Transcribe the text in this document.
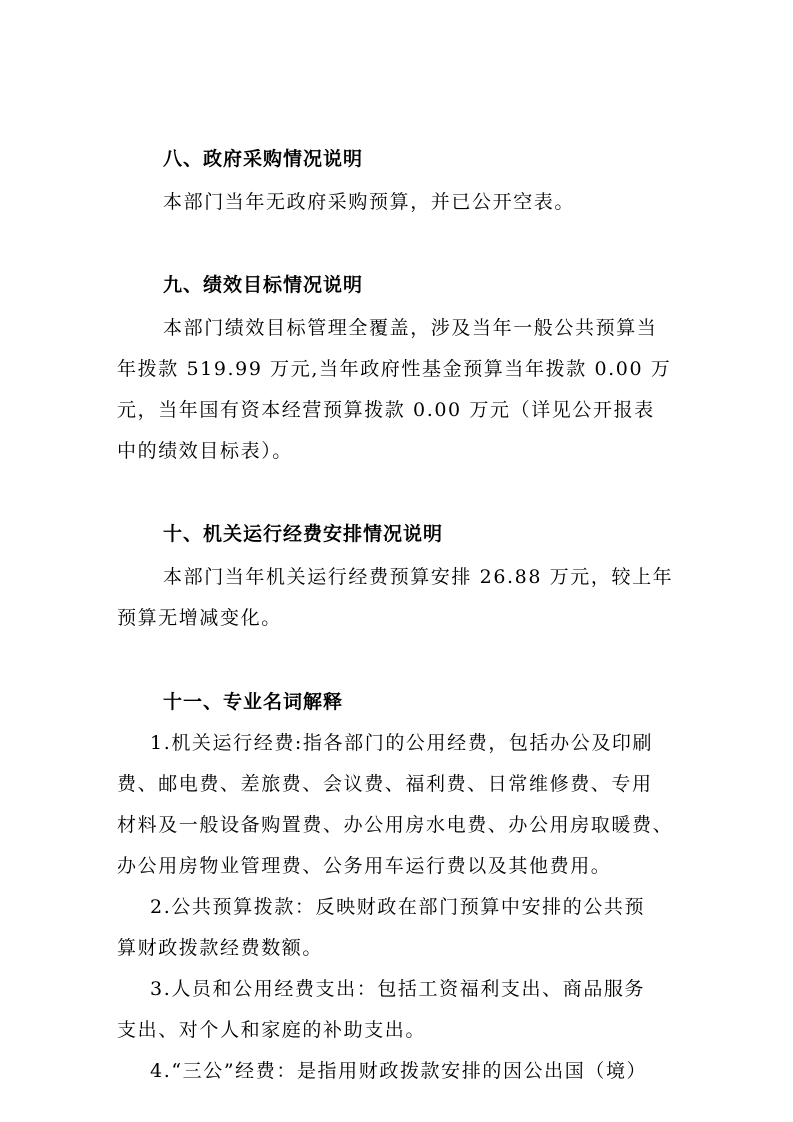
八、政府采购情况说明
本部门当年无政府采购预算，并已公开空表。
九、绩效目标情况说明
本部门绩效目标管理全覆盖，涉及当年一般公共预算当
年拨款 519.99 万元,当年政府性基金预算当年拨款 0.00 万
元，当年国有资本经营预算拨款 0.00 万元（详见公开报表
中的绩效目标表）。
十、机关运行经费安排情况说明
本部门当年机关运行经费预算安排 26.88 万元，较上年
预算无增减变化。
十一、专业名词解释
1.机关运行经费:指各部门的公用经费，包括办公及印刷
费、邮电费、差旅费、会议费、福利费、日常维修费、专用
材料及一般设备购置费、办公用房水电费、办公用房取暖费、
办公用房物业管理费、公务用车运行费以及其他费用。
2.公共预算拨款：反映财政在部门预算中安排的公共预
算财政拨款经费数额。
3.人员和公用经费支出：包括工资福利支出、商品服务
支出、对个人和家庭的补助支出。
4.“三公”经费：是指用财政拨款安排的因公出国（境）
